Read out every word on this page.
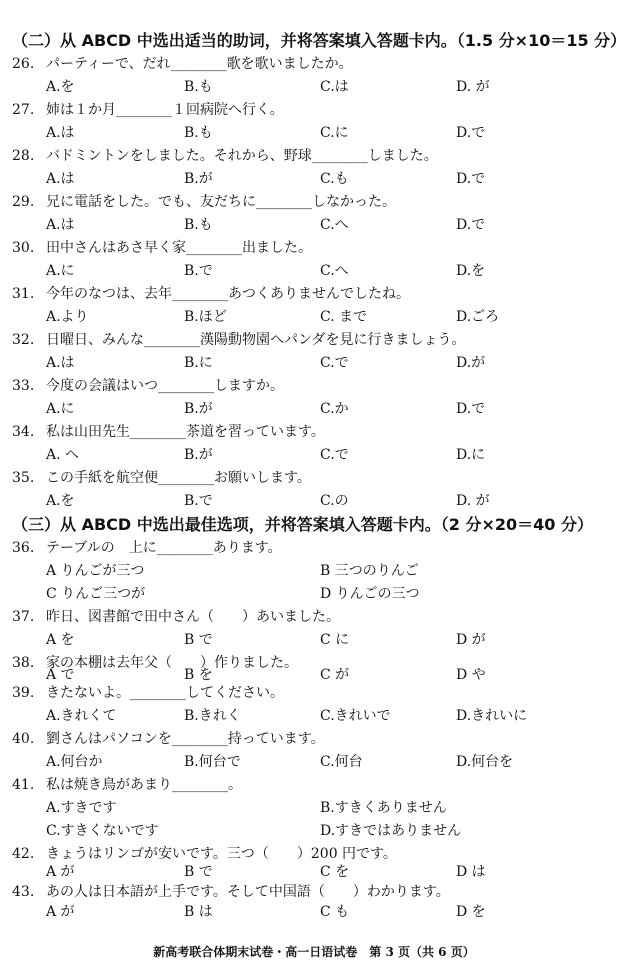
（二）从 ABCD 中选出适当的助词，并将答案填入答题卡内。（1.5 分×10＝15 分）
26. パーティーで、だれ________歌を歌いましたか。
A.を	B.も	C.は	D. が
27. 姉は１か月________１回病院へ行く。
A.は	B.も	C.に	D.で
28. バドミントンをしました。それから、野球________しました。
A.は	B.が	C.も	D.で
29. 兄に電話をした。でも、友だちに________しなかった。
A.は	B.も	C.へ	D.で
30. 田中さんはあさ早く家________出ました。
A.に	B.で	C.へ	D.を
31. 今年のなつは、去年________あつくありませんでしたね。
A.より	B.ほど	C. まで	D.ごろ
32. 日曜日、みんな________漢陽動物園へパンダを見に行きましょう。
A.は	B.に	C.で	D.が
33. 今度の会議はいつ________しますか。
A.に	B.が	C.か	D.で
34. 私は山田先生________茶道を習っています。
A. へ	B.が	C.で	D.に
35. この手紙を航空便________お願いします。
A.を	B.で	C.の	D. が
（三）从 ABCD 中选出最佳选项，并将答案填入答题卡内。（2 分×20＝40 分）
36. テーブルの　上に________あります。
A りんごが三つ	B 三つのりんご
C りんご三つが	D りんごの三つ
37. 昨日、図書館で田中さん（　　）あいました。
A を	B で	C に	D が
38. 家の本棚は去年父（　　）作りました。
A で	B を	C が	D や
39. きたないよ。________してください。
A.きれくて	B.きれく	C.きれいで	D.きれいに
40. 劉さんはパソコンを________持っています。
A.何台か	B.何台で	C.何台	D.何台を
41. 私は焼き鳥があまり________。
A.すきです	B.すきくありません
C.すきくないです	D.すきではありません
42. きょうはリンゴが安いです。三つ（　　）200 円です。
A が	B で	C を	D は
43. あの人は日本語が上手です。そして中国語（　　）わかります。
A が	B は	C も	D を
新高考联合体期末试卷・高一日语试卷　第 3 页（共 6 页）
